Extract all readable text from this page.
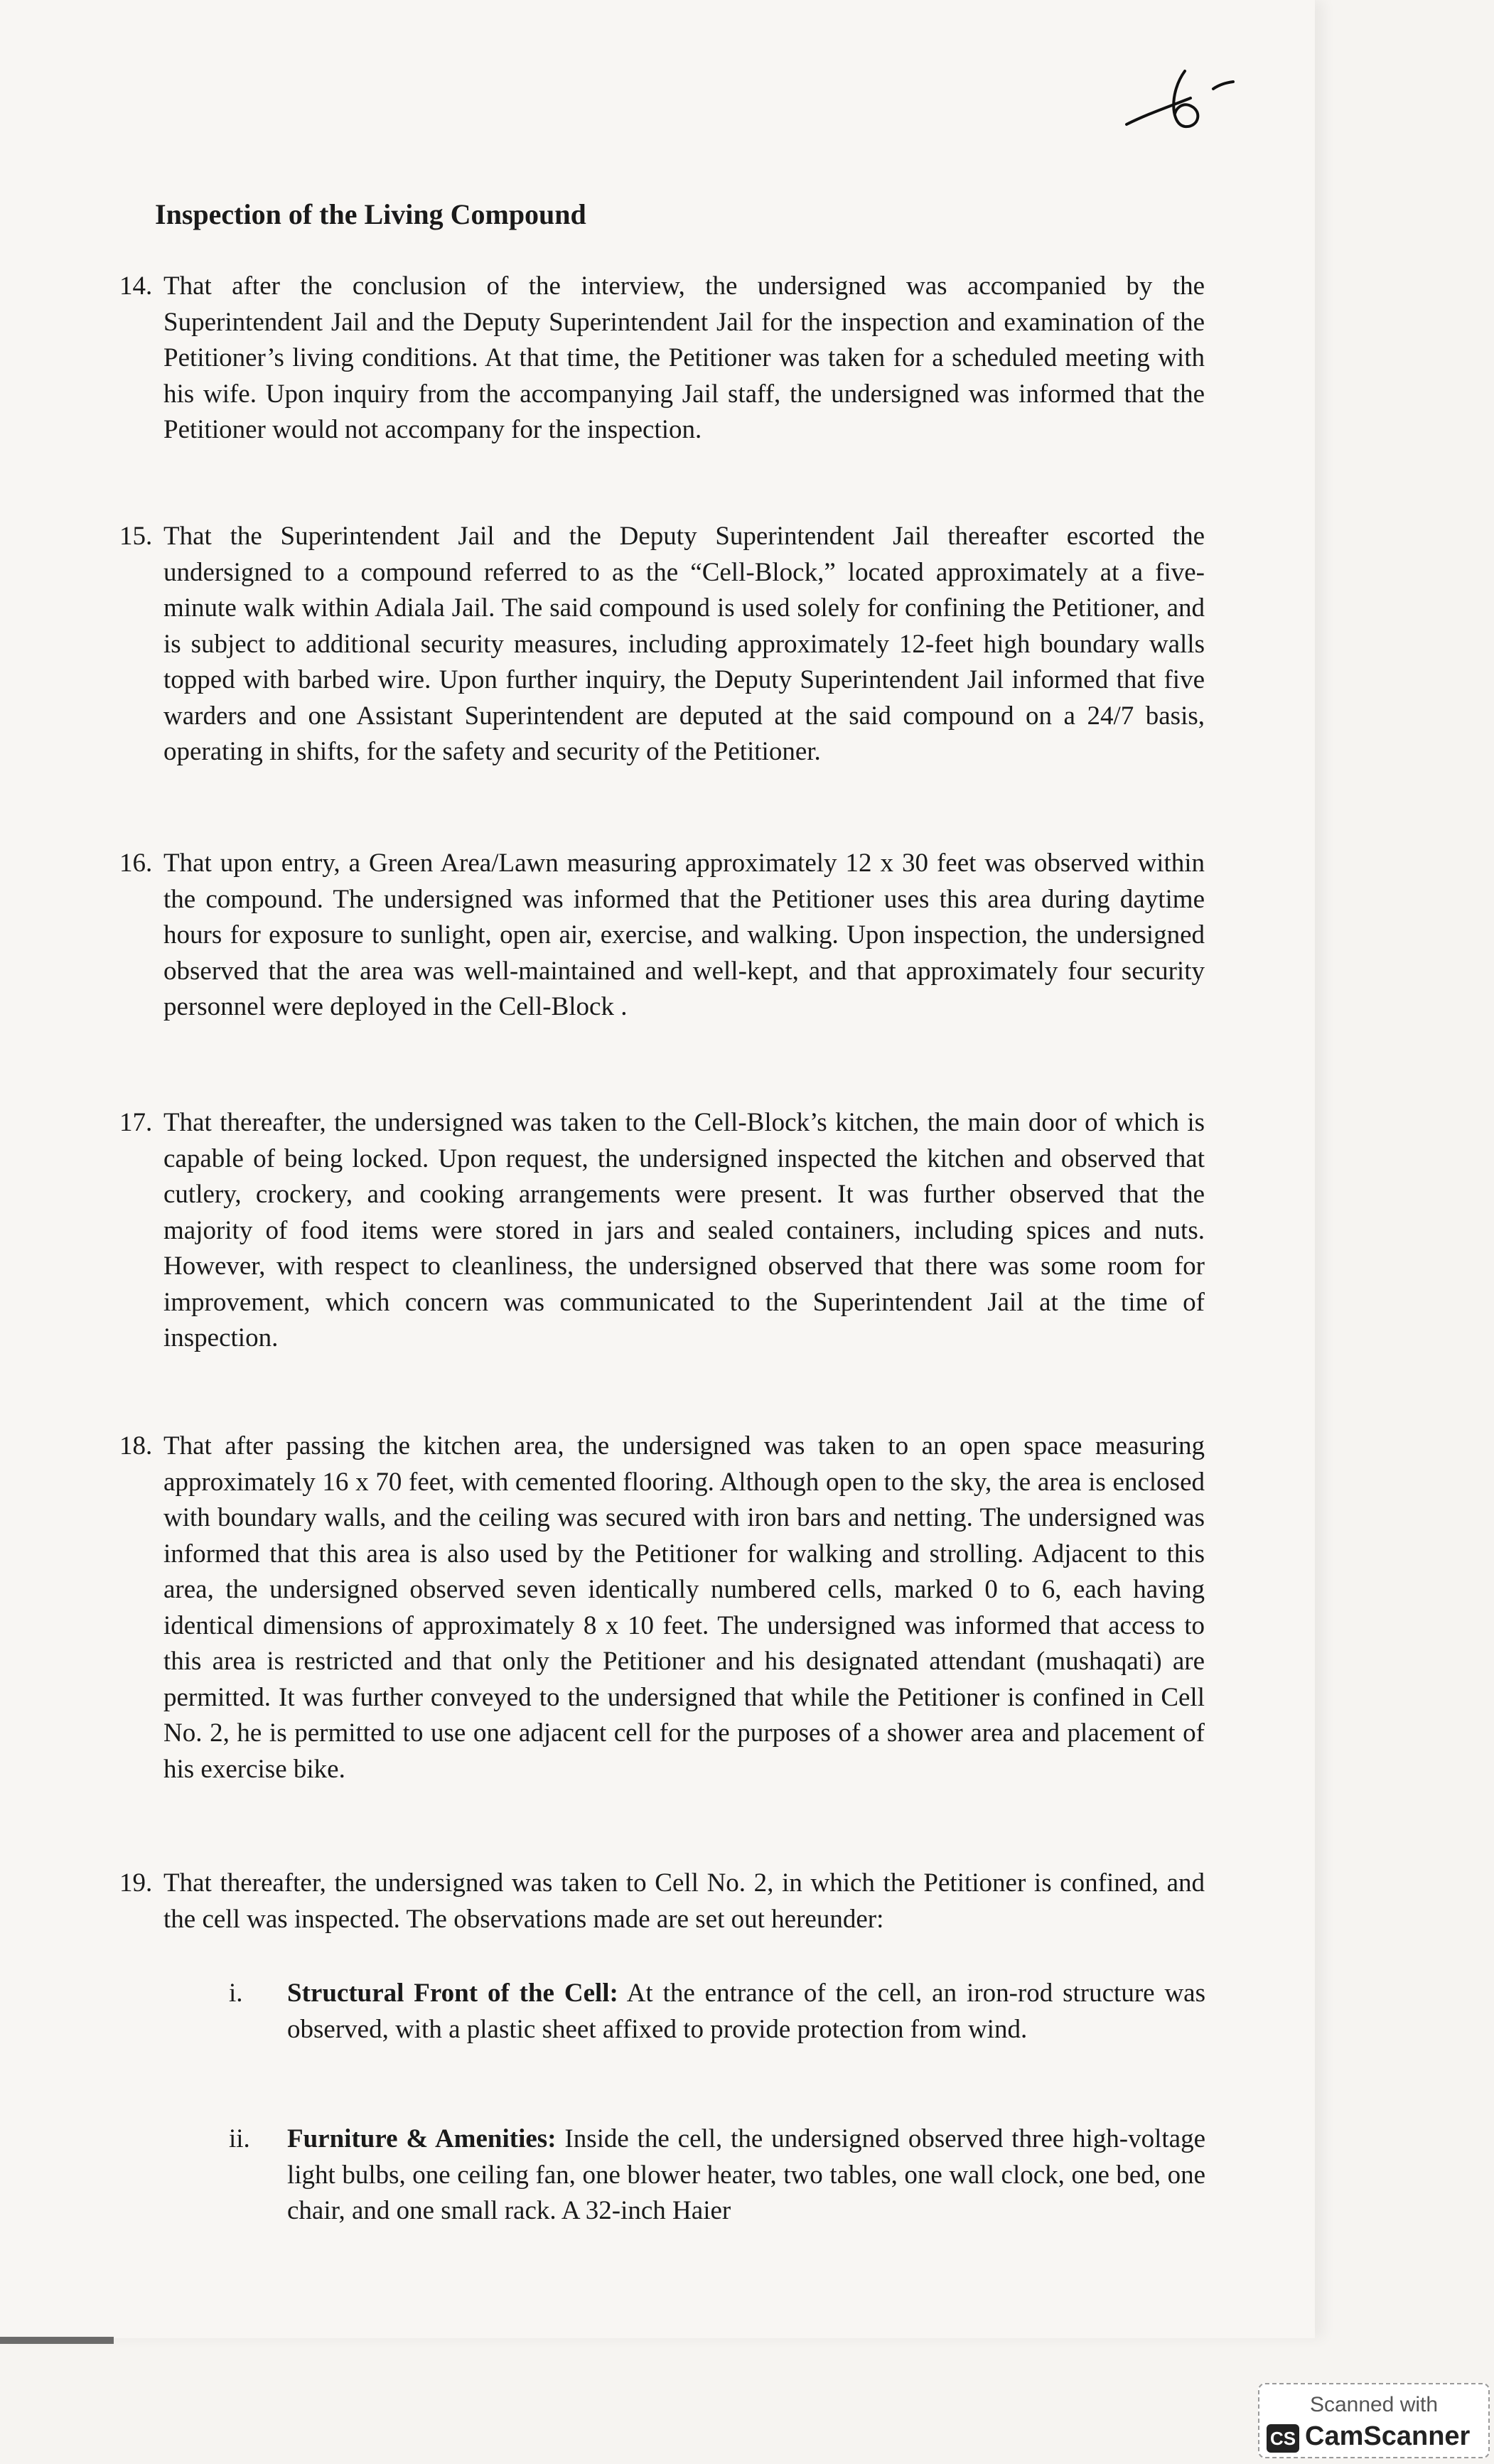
Inspection of the Living Compound

14. That after the conclusion of the interview, the undersigned was accompanied by the Superintendent Jail and the Deputy Superintendent Jail for the inspection and examination of the Petitioner’s living conditions. At that time, the Petitioner was taken for a scheduled meeting with his wife. Upon inquiry from the accompanying Jail staff, the undersigned was informed that the Petitioner would not accompany for the inspection.

15. That the Superintendent Jail and the Deputy Superintendent Jail thereafter escorted the undersigned to a compound referred to as the “Cell-Block,” located approximately at a five-minute walk within Adiala Jail. The said compound is used solely for confining the Petitioner, and is subject to additional security measures, including approximately 12-feet high boundary walls topped with barbed wire. Upon further inquiry, the Deputy Superintendent Jail informed that five warders and one Assistant Superintendent are deputed at the said compound on a 24/7 basis, operating in shifts, for the safety and security of the Petitioner.

16. That upon entry, a Green Area/Lawn measuring approximately 12 x 30 feet was observed within the compound. The undersigned was informed that the Petitioner uses this area during daytime hours for exposure to sunlight, open air, exercise, and walking. Upon inspection, the undersigned observed that the area was well-maintained and well-kept, and that approximately four security personnel were deployed in the Cell-Block .

17. That thereafter, the undersigned was taken to the Cell-Block’s kitchen, the main door of which is capable of being locked. Upon request, the undersigned inspected the kitchen and observed that cutlery, crockery, and cooking arrangements were present. It was further observed that the majority of food items were stored in jars and sealed containers, including spices and nuts. However, with respect to cleanliness, the undersigned observed that there was some room for improvement, which concern was communicated to the Superintendent Jail at the time of inspection.

18. That after passing the kitchen area, the undersigned was taken to an open space measuring approximately 16 x 70 feet, with cemented flooring. Although open to the sky, the area is enclosed with boundary walls, and the ceiling was secured with iron bars and netting. The undersigned was informed that this area is also used by the Petitioner for walking and strolling. Adjacent to this area, the undersigned observed seven identically numbered cells, marked 0 to 6, each having identical dimensions of approximately 8 x 10 feet. The undersigned was informed that access to this area is restricted and that only the Petitioner and his designated attendant (mushaqati) are permitted. It was further conveyed to the undersigned that while the Petitioner is confined in Cell No. 2, he is permitted to use one adjacent cell for the purposes of a shower area and placement of his exercise bike.

19. That thereafter, the undersigned was taken to Cell No. 2, in which the Petitioner is confined, and the cell was inspected. The observations made are set out hereunder:

i.	Structural Front of the Cell: At the entrance of the cell, an iron-rod structure was observed, with a plastic sheet affixed to provide protection from wind.

ii.	Furniture & Amenities: Inside the cell, the undersigned observed three high-voltage light bulbs, one ceiling fan, one blower heater, two tables, one wall clock, one bed, one chair, and one small rack. A 32-inch Haier

Scanned with
CS CamScanner
